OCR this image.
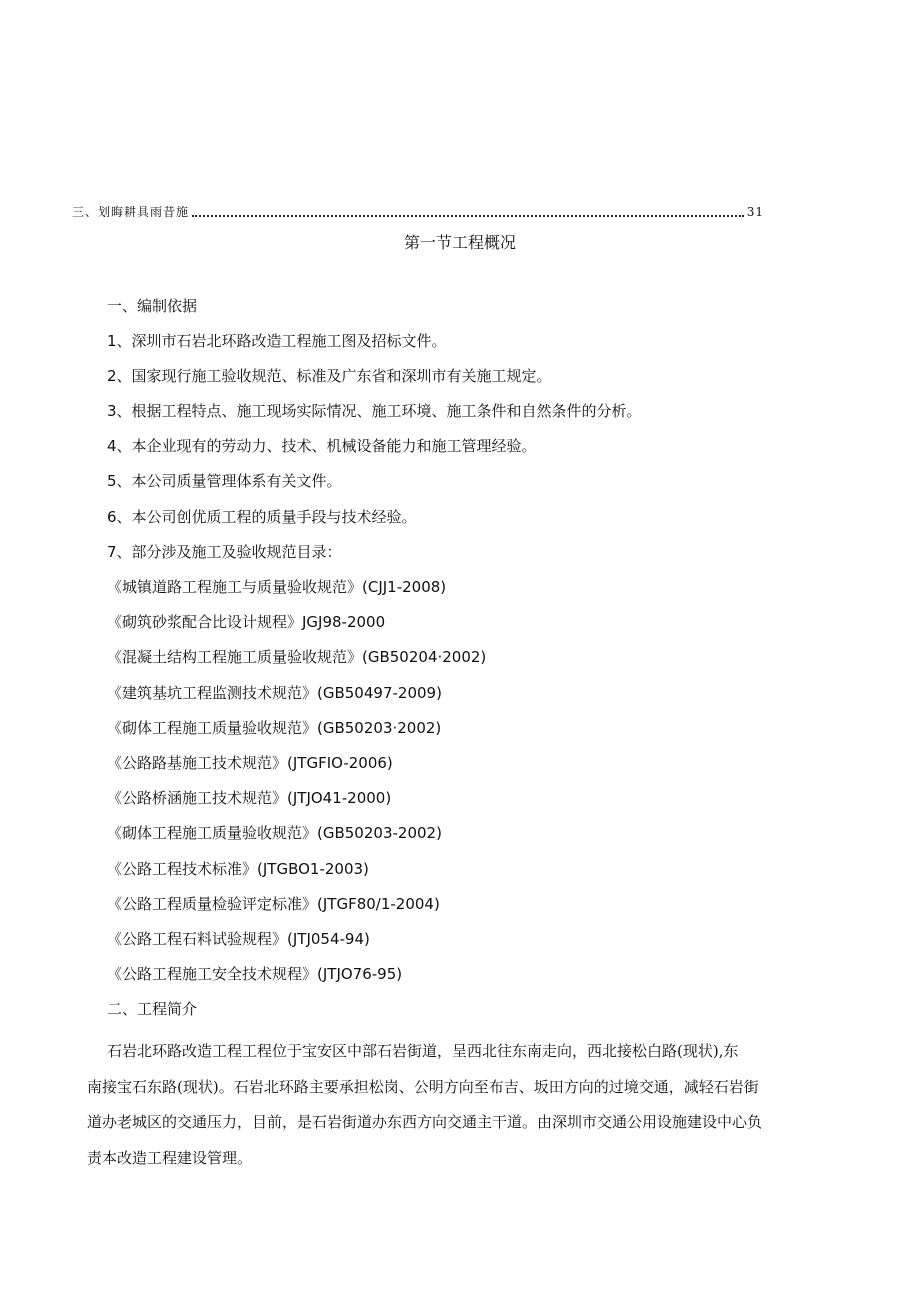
三、划晦耕具雨昔施	31
第一节工程概况
一、编制依据
1、深圳市石岩北环路改造工程施工图及招标文件。
2、国家现行施工验收规范、标准及广东省和深圳市有关施工规定。
3、根据工程特点、施工现场实际情况、施工环境、施工条件和自然条件的分析。
4、本企业现有的劳动力、技术、机械设备能力和施工管理经验。
5、本公司质量管理体系有关文件。
6、本公司创优质工程的质量手段与技术经验。
7、部分涉及施工及验收规范目录：
《城镇道路工程施工与质量验收规范》(CJJ1-2008)
《砌筑砂浆配合比设计规程》JGJ98-2000
《混凝土结构工程施工质量验收规范》(GB50204·2002)
《建筑基坑工程监测技术规范》(GB50497-2009)
《砌体工程施工质量验收规范》(GB50203·2002)
《公路路基施工技术规范》(JTGFIO-2006)
《公路桥涵施工技术规范》(JTJO41-2000)
《砌体工程施工质量验收规范》(GB50203-2002)
《公路工程技术标准》(JTGBO1-2003)
《公路工程质量检验评定标准》(JTGF80/1-2004)
《公路工程石料试验规程》(JTJ054-94)
《公路工程施工安全技术规程》(JTJO76-95)
二、工程简介

石岩北环路改造工程工程位于宝安区中部石岩街道，呈西北往东南走向，西北接松白路(现状),东
南接宝石东路(现状)。石岩北环路主要承担松岗、公明方向至布吉、坂田方向的过境交通，减轻石岩街
道办老城区的交通压力，目前，是石岩街道办东西方向交通主干道。由深圳市交通公用设施建设中心负
责本改造工程建设管理。
